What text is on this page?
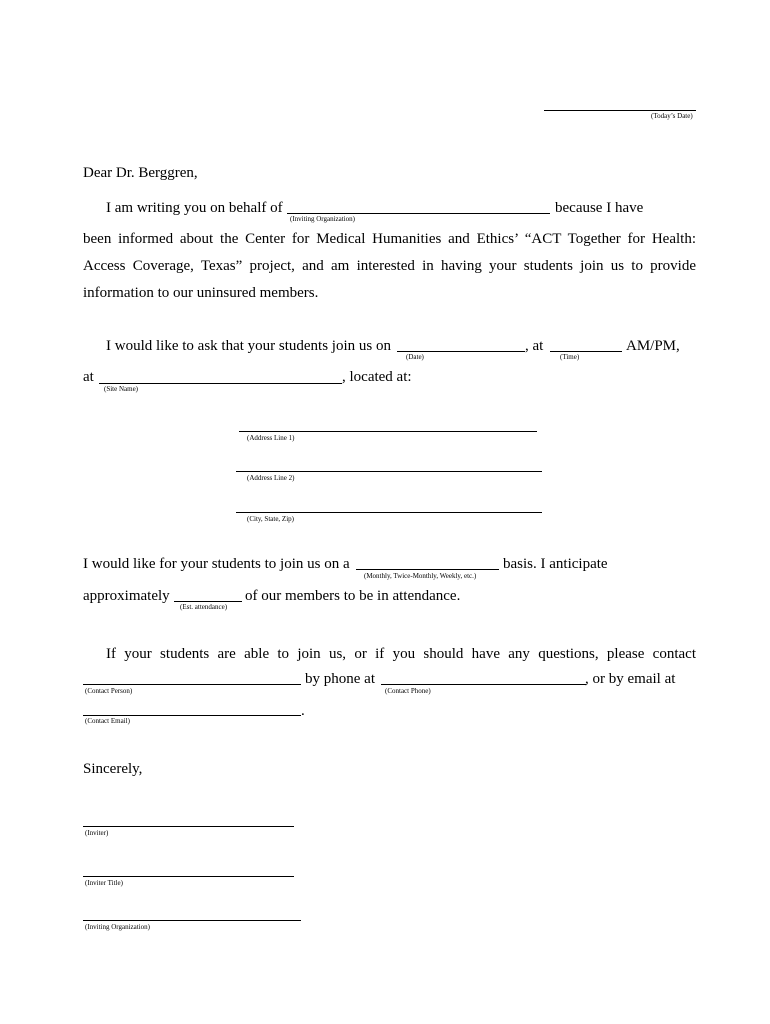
(Today’s Date)
Dear Dr. Berggren,
I am writing you on behalf of
(Inviting Organization)
because I have
been informed about the Center for Medical Humanities and Ethics’ “ACT Together for Health:
Access Coverage, Texas” project, and am interested in having your students join us to provide
information to our uninsured members.
I would like to ask that your students join us on
(Date)
, at
(Time)
AM/PM,
at
(Site Name)
, located at:
(Address Line 1)
(Address Line 2)
(City, State, Zip)
I would like for your students to join us on a
(Monthly, Twice-Monthly, Weekly, etc.)
basis. I anticipate
approximately
(Est. attendance)
of our members to be in attendance.
If your students are able to join us, or if you should have any questions, please contact
(Contact Person)
by phone at
(Contact Phone)
, or by email at
.
(Contact Email)
Sincerely,
(Inviter)
(Inviter Title)
(Inviting Organization)
